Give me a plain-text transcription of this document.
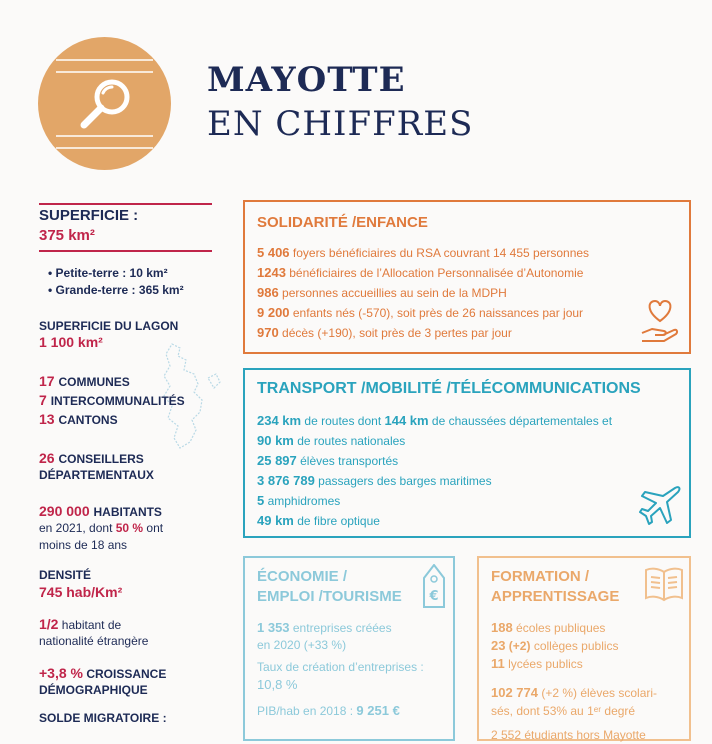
MAYOTTE
EN CHIFFRES
SUPERFICIE :
375 km²
• Petite-terre : 10 km²
• Grande-terre : 365 km²
SUPERFICIE DU LAGON
1 100 km²
17 COMMUNES
7 INTERCOMMUNALITÉS
13 CANTONS
26 CONSEILLERS
DÉPARTEMENTAUX
290 000 HABITANTS
en 2021, dont 50 % ont
moins de 18 ans
DENSITÉ
745 hab/Km²
1/2 habitant de
nationalité étrangère
+3,8 % CROISSANCE
DÉMOGRAPHIQUE
SOLDE MIGRATOIRE :
SOLIDARITÉ /ENFANCE
5 406 foyers bénéficiaires du RSA couvrant 14 455 personnes
1243 bénéficiaires de l’Allocation Personnalisée d’Autonomie
986 personnes accueillies au sein de la MDPH
9 200 enfants nés (-570), soit près de 26 naissances par jour
970 décès (+190), soit près de 3 pertes par jour
TRANSPORT /MOBILITÉ /TÉLÉCOMMUNICATIONS
234 km de routes dont 144 km de chaussées départementales et
90 km de routes nationales
25 897 élèves transportés
3 876 789 passagers des barges maritimes
5 amphidromes
49 km de fibre optique
ÉCONOMIE /
EMPLOI /TOURISME €
1 353 entreprises créées
en 2020 (+33 %)
Taux de création d’entreprises :
10,8 %
PIB/hab en 2018 : 9 251 €
FORMATION /
APPRENTISSAGE
188 écoles publiques
23 (+2) collèges publics
11 lycées publics
102 774 (+2 %) élèves scolari-
sés, dont 53% au 1ᵉʳ degré
2 552 étudiants hors Mayotte
